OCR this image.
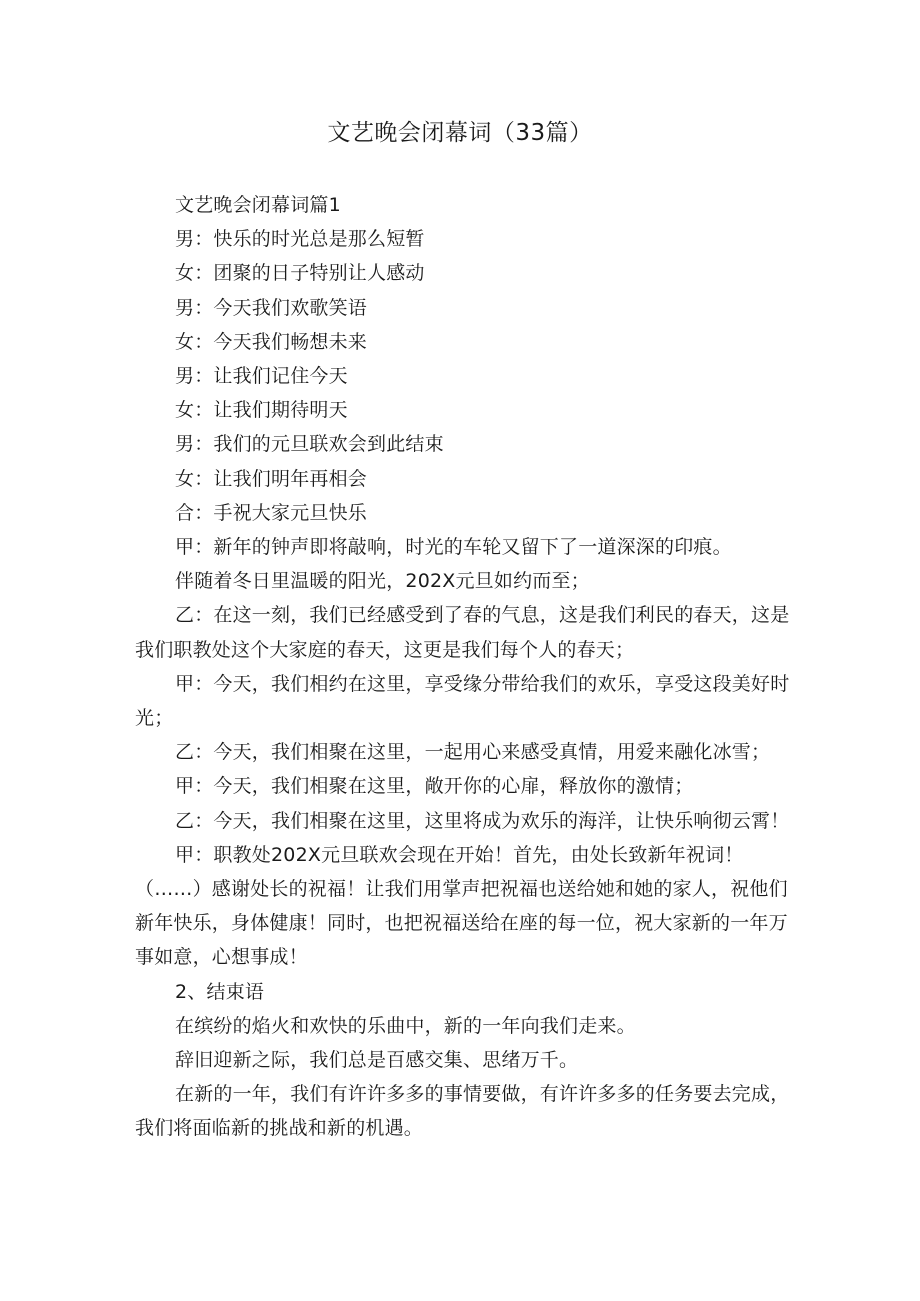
文艺晚会闭幕词（33篇）

文艺晚会闭幕词篇1

男：快乐的时光总是那么短暂

女：团聚的日子特别让人感动

男：今天我们欢歌笑语

女：今天我们畅想未来

男：让我们记住今天

女：让我们期待明天

男：我们的元旦联欢会到此结束

女：让我们明年再相会

合：手祝大家元旦快乐

甲：新年的钟声即将敲响，时光的车轮又留下了一道深深的印痕。

伴随着冬日里温暖的阳光，202X元旦如约而至；

乙：在这一刻，我们已经感受到了春的气息，这是我们利民的春天，这是我们职教处这个大家庭的春天，这更是我们每个人的春天；

甲：今天，我们相约在这里，享受缘分带给我们的欢乐，享受这段美好时光；

乙：今天，我们相聚在这里，一起用心来感受真情，用爱来融化冰雪；

甲：今天，我们相聚在这里，敞开你的心扉，释放你的激情；

乙：今天，我们相聚在这里，这里将成为欢乐的海洋，让快乐响彻云霄！

甲：职教处202X元旦联欢会现在开始！首先，由处长致新年祝词！（……）感谢处长的祝福！让我们用掌声把祝福也送给她和她的家人，祝他们新年快乐，身体健康！同时，也把祝福送给在座的每一位，祝大家新的一年万事如意，心想事成！

2、结束语

在缤纷的焰火和欢快的乐曲中，新的一年向我们走来。

辞旧迎新之际，我们总是百感交集、思绪万千。

在新的一年，我们有许许多多的事情要做，有许许多多的任务要去完成，我们将面临新的挑战和新的机遇。
